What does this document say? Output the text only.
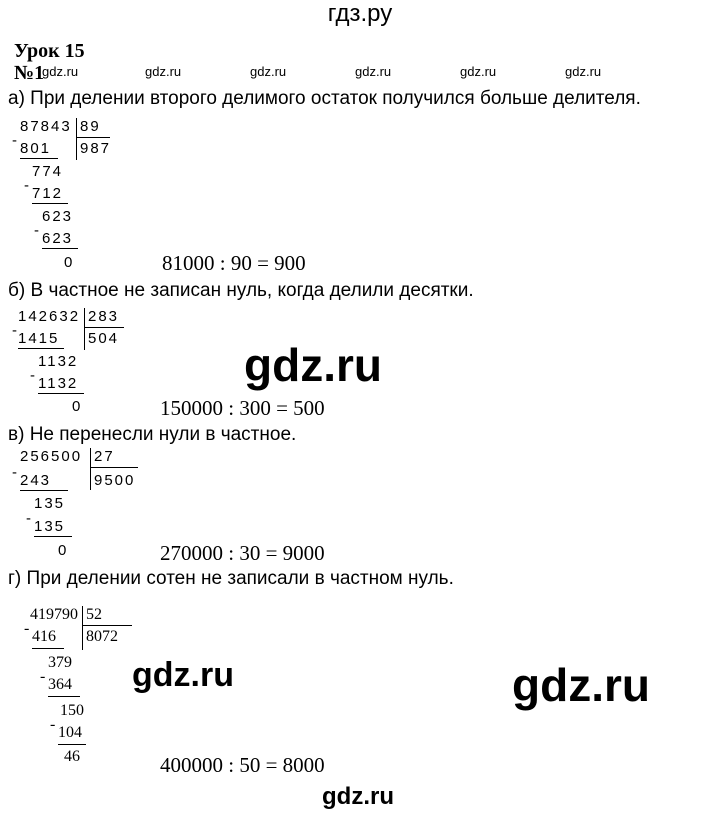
гдз.ру
Урок 15
№1
gdz.ru	gdz.ru	gdz.ru	gdz.ru	gdz.ru	gdz.ru
а) При делении второго делимого остаток получился больше делителя.
87843 89
987
- 801
774
- 712
623
- 623
0	81000 : 90 = 900
б) В частное не записан нуль, когда делили десятки.
142632 283
504
- 1415
1132
- 1132
0	150000 : 300 = 500
gdz.ru
в) Не перенесли нули в частное.
256500 27
9500
- 243
135
- 135
0	270000 : 30 = 9000
г) При делении сотен не записали в частном нуль.
419790 52
8072
- 416
379
- 364
150
- 104
46	400000 : 50 = 8000
gdz.ru	gdz.ru
gdz.ru
